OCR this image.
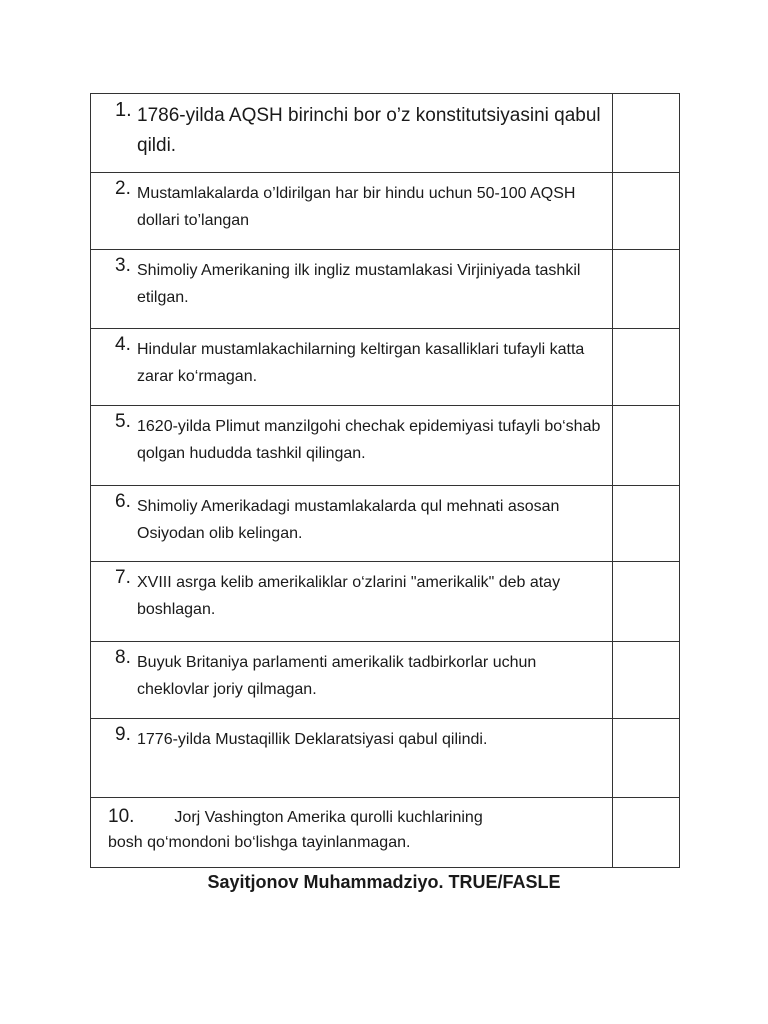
1. 1786-yilda AQSH birinchi bor o’z konstitutsiyasini qabul qildi.	

2. Mustamlakalarda o’ldirilgan har bir hindu uchun 50-100 AQSH dollari to’langan	

3. Shimoliy Amerikaning ilk ingliz mustamlakasi Virjiniyada tashkil etilgan.	

4. Hindular mustamlakachilarning keltirgan kasalliklari tufayli katta zarar ko‘rmagan.	

5. 1620-yilda Plimut manzilgohi chechak epidemiyasi tufayli bo‘shab qolgan hududda tashkil qilingan.	

6. Shimoliy Amerikadagi mustamlakalarda qul mehnati asosan Osiyodan olib kelingan.	

7. XVIII asrga kelib amerikaliklar o‘zlarini "amerikalik" deb atay boshlagan.	

8. Buyuk Britaniya parlamenti amerikalik tadbirkorlar uchun cheklovlar joriy qilmagan.	

9. 1776-yilda Mustaqillik Deklaratsiyasi qabul qilindi.	

10. Jorj Vashington Amerika qurolli kuchlarining
bosh qo‘mondoni bo‘lishga tayinlanmagan.	

Sayitjonov Muhammadziyo. TRUE/FASLE
